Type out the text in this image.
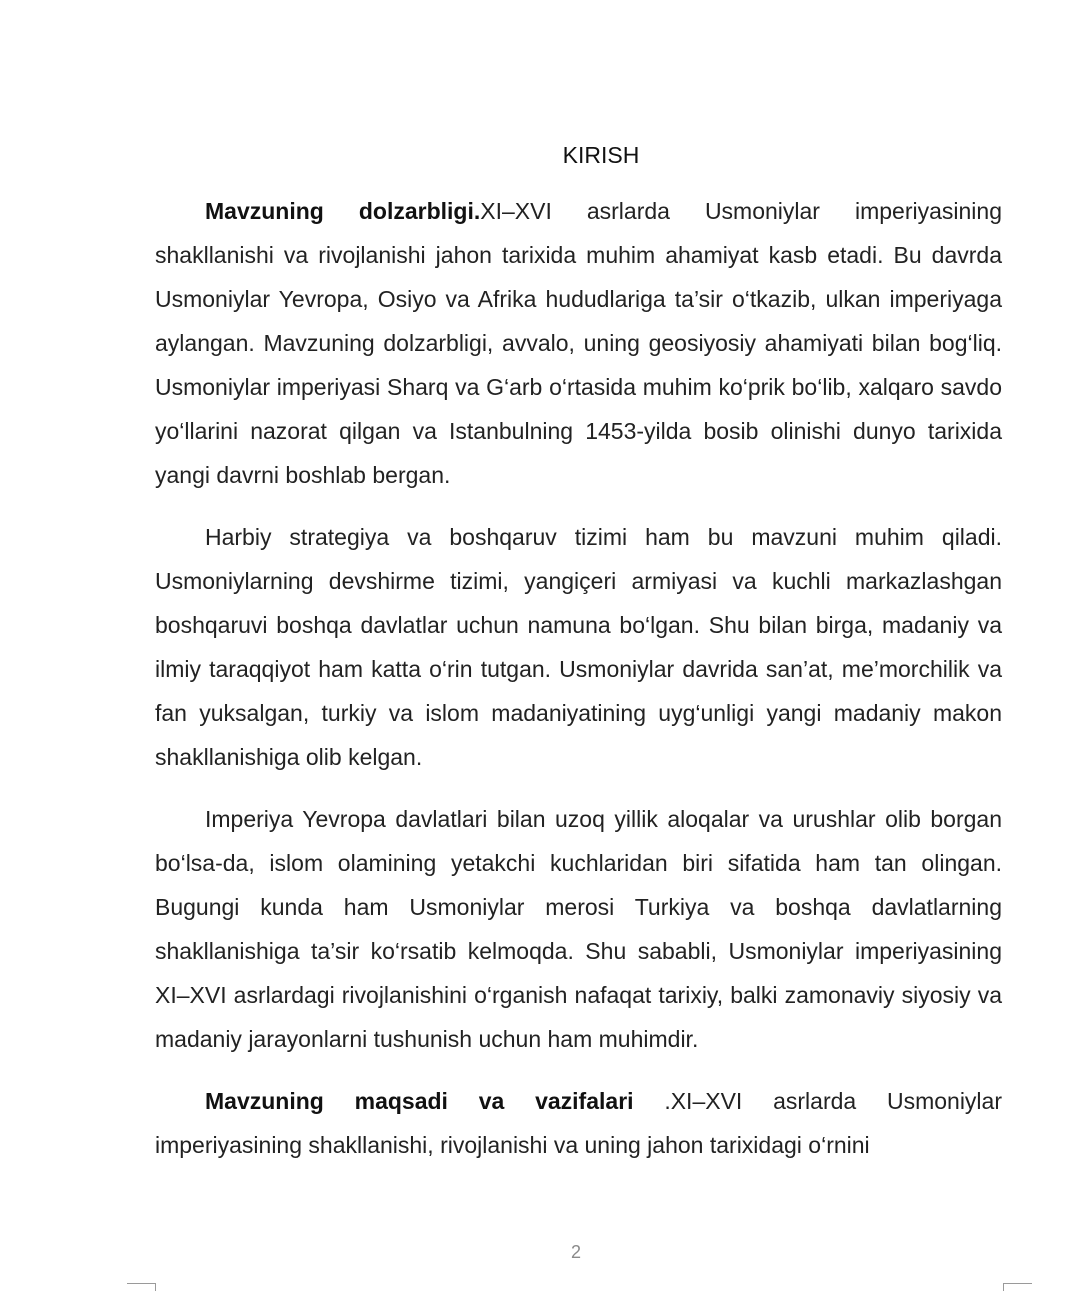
KIRISH

Mavzuning dolzarbligi.XI–XVI asrlarda Usmoniylar imperiyasining shakllanishi va rivojlanishi jahon tarixida muhim ahamiyat kasb etadi. Bu davrda Usmoniylar Yevropa, Osiyo va Afrika hududlariga ta’sir o‘tkazib, ulkan imperiyaga aylangan. Mavzuning dolzarbligi, avvalo, uning geosiyosiy ahamiyati bilan bog‘liq. Usmoniylar imperiyasi Sharq va G‘arb o‘rtasida muhim ko‘prik bo‘lib, xalqaro savdo yo‘llarini nazorat qilgan va Istanbulning 1453-yilda bosib olinishi dunyo tarixida yangi davrni boshlab bergan.

Harbiy strategiya va boshqaruv tizimi ham bu mavzuni muhim qiladi. Usmoniylarning devshirme tizimi, yangiçeri armiyasi va kuchli markazlashgan boshqaruvi boshqa davlatlar uchun namuna bo‘lgan. Shu bilan birga, madaniy va ilmiy taraqqiyot ham katta o‘rin tutgan. Usmoniylar davrida san’at, me’morchilik va fan yuksalgan, turkiy va islom madaniyatining uyg‘unligi yangi madaniy makon shakllanishiga olib kelgan.

Imperiya Yevropa davlatlari bilan uzoq yillik aloqalar va urushlar olib borgan bo‘lsa-da, islom olamining yetakchi kuchlaridan biri sifatida ham tan olingan. Bugungi kunda ham Usmoniylar merosi Turkiya va boshqa davlatlarning shakllanishiga ta’sir ko‘rsatib kelmoqda. Shu sababli, Usmoniylar imperiyasining XI–XVI asrlardagi rivojlanishini o‘rganish nafaqat tarixiy, balki zamonaviy siyosiy va madaniy jarayonlarni tushunish uchun ham muhimdir.

Mavzuning maqsadi va vazifalari .XI–XVI asrlarda Usmoniylar imperiyasining shakllanishi, rivojlanishi va uning jahon tarixidagi o‘rnini

2
